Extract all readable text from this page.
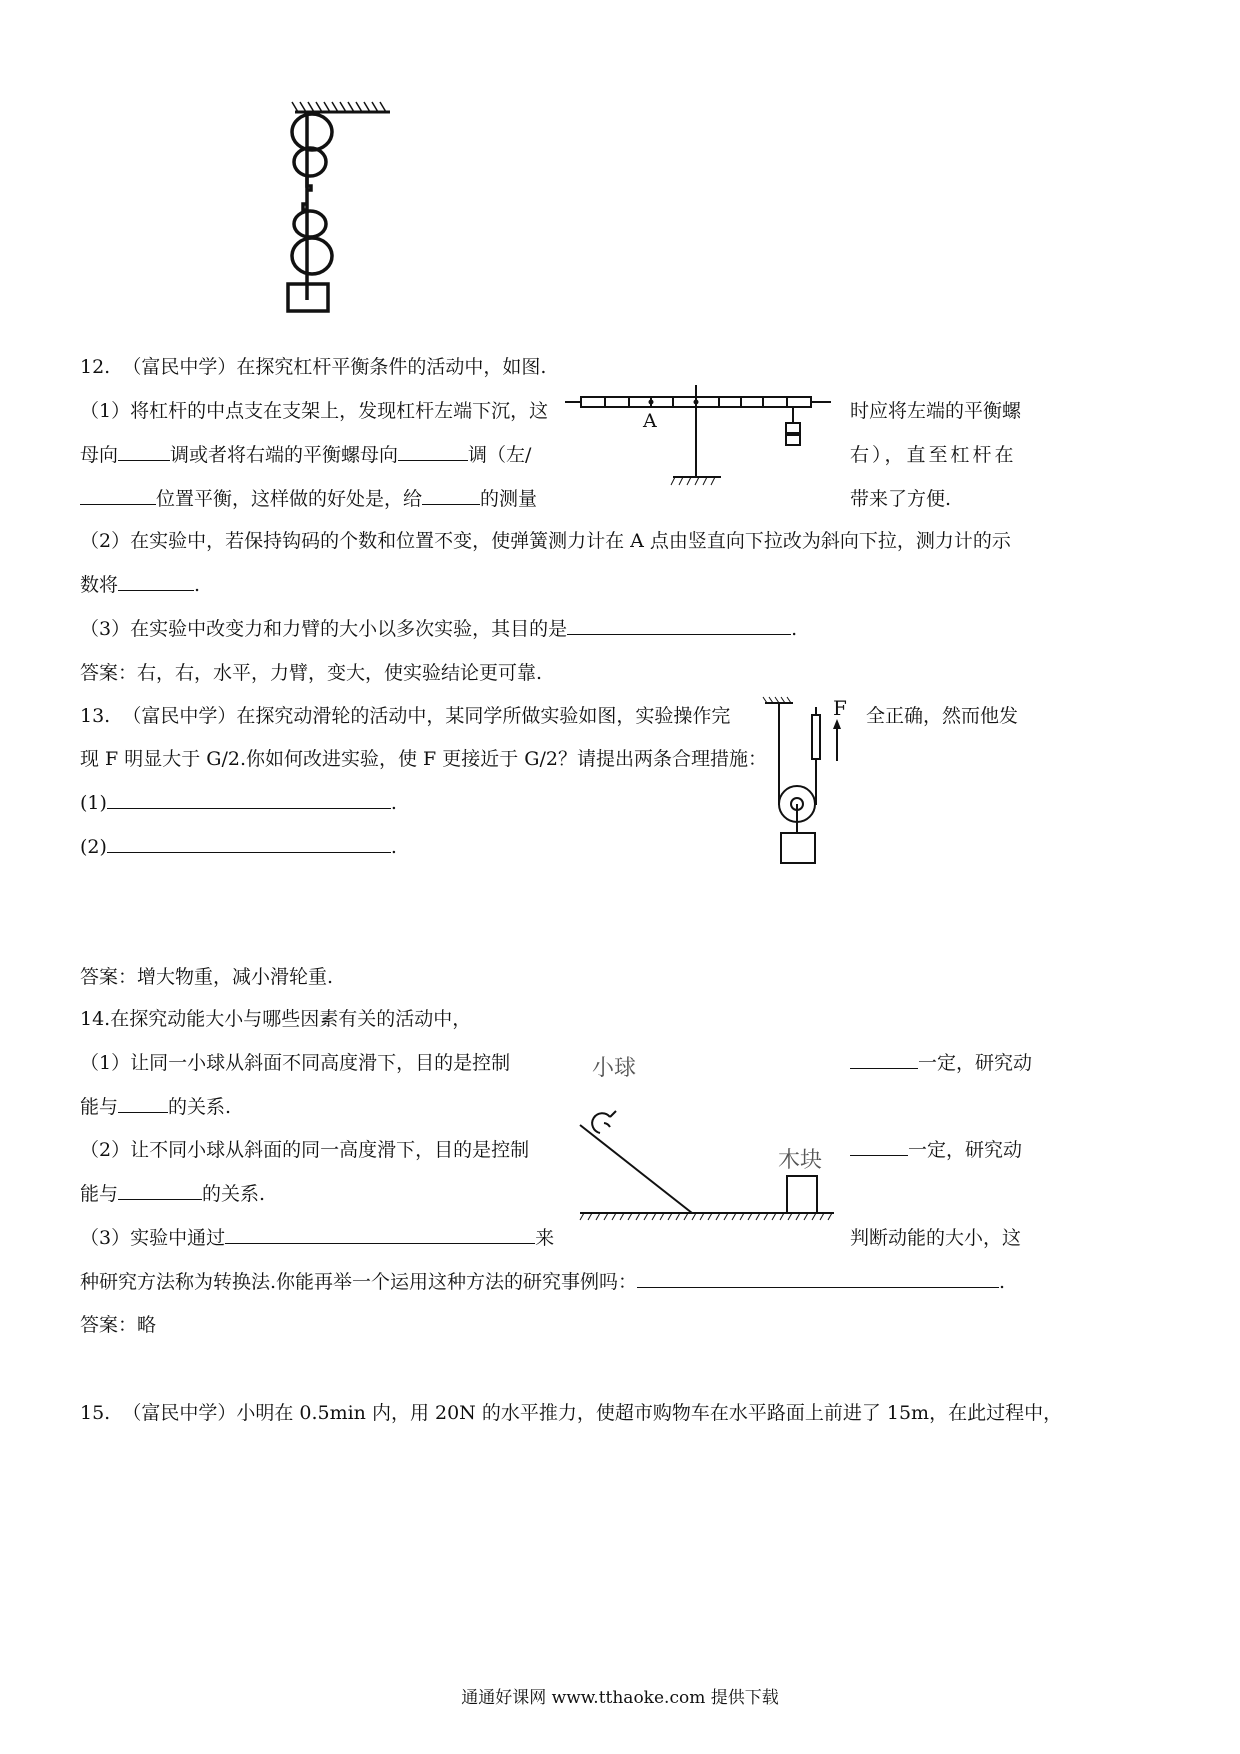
12. （富民中学）在探究杠杆平衡条件的活动中，如图.
（1）将杠杆的中点支在支架上，发现杠杆左端下沉，这	时应将左端的平衡螺
母向	调或者将右端的平衡螺母向	调（左/	右），直至杠杆在
位置平衡，这样做的好处是，给	的测量	带来了方便.
A
（2）在实验中，若保持钩码的个数和位置不变，使弹簧测力计在 A 点由竖直向下拉改为斜向下拉，测力计的示
数将	.
（3）在实验中改变力和力臂的大小以多次实验，其目的是	.
答案：右，右，水平，力臂，变大，使实验结论更可靠.
13. （富民中学）在探究动滑轮的活动中，某同学所做实验如图，实验操作完	全正确，然而他发
现 F 明显大于 G/2.你如何改进实验，使 F 更接近于 G/2？请提出两条合理措施：
(1)	.
(2)	.
F
答案：增大物重，减小滑轮重.
14.在探究动能大小与哪些因素有关的活动中，
（1）让同一小球从斜面不同高度滑下，目的是控制	一定，研究动
能与	的关系.
（2）让不同小球从斜面的同一高度滑下，目的是控制	一定，研究动
能与	的关系.
（3）实验中通过	来	判断动能的大小，这
种研究方法称为转换法.你能再举一个运用这种方法的研究事例吗：	.
答案：略
小球
木块
15. （富民中学）小明在 0.5min 内，用 20N 的水平推力，使超市购物车在水平路面上前进了 15m，在此过程中，
通通好课网 www.tthaoke.com 提供下载
